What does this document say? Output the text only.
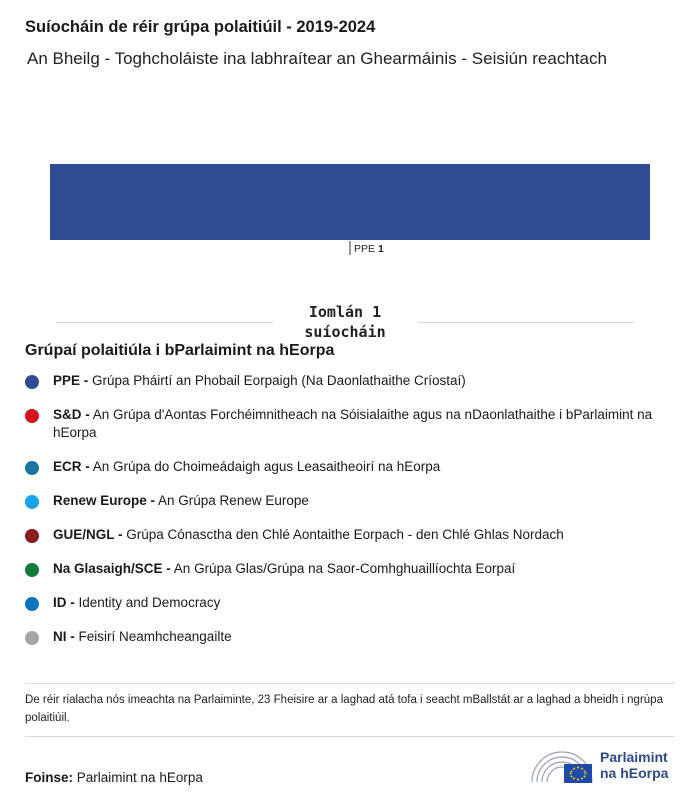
Suíocháin de réir grúpa polaitiúil - 2019-2024

An Bheilg - Toghcholáiste ina labhraítear an Ghearmáinis - Seisiún reachtach

PPE 1
Iomlán 1
suíocháin
Grúpaí polaitiúla i bParlaimint na hEorpa
PPE - Grúpa Pháirtí an Phobail Eorpaigh (Na Daonlathaithe Críostaí)
S&D - An Grúpa d'Aontas Forchéimnitheach na Sóisialaithe agus na nDaonlathaithe i bParlaimint na hEorpa
ECR - An Grúpa do Choimeádaigh agus Leasaitheoirí na hEorpa
Renew Europe - An Grúpa Renew Europe
GUE/NGL - Grúpa Cónasctha den Chlé Aontaithe Eorpach - den Chlé Ghlas Nordach
Na Glasaigh/SCE - An Grúpa Glas/Grúpa na Saor-Comhghuaillíochta Eorpaí
ID - Identity and Democracy
NI - Feisirí Neamhcheangailte

De réir rialacha nós imeachta na Parlaiminte, 23 Fheisire ar a laghad atá tofa i seacht mBallstát ar a laghad a bheidh i ngrúpa polaitiúil.

Foinse: Parlaimint na hEorpa

Parlaimint
na hEorpa
